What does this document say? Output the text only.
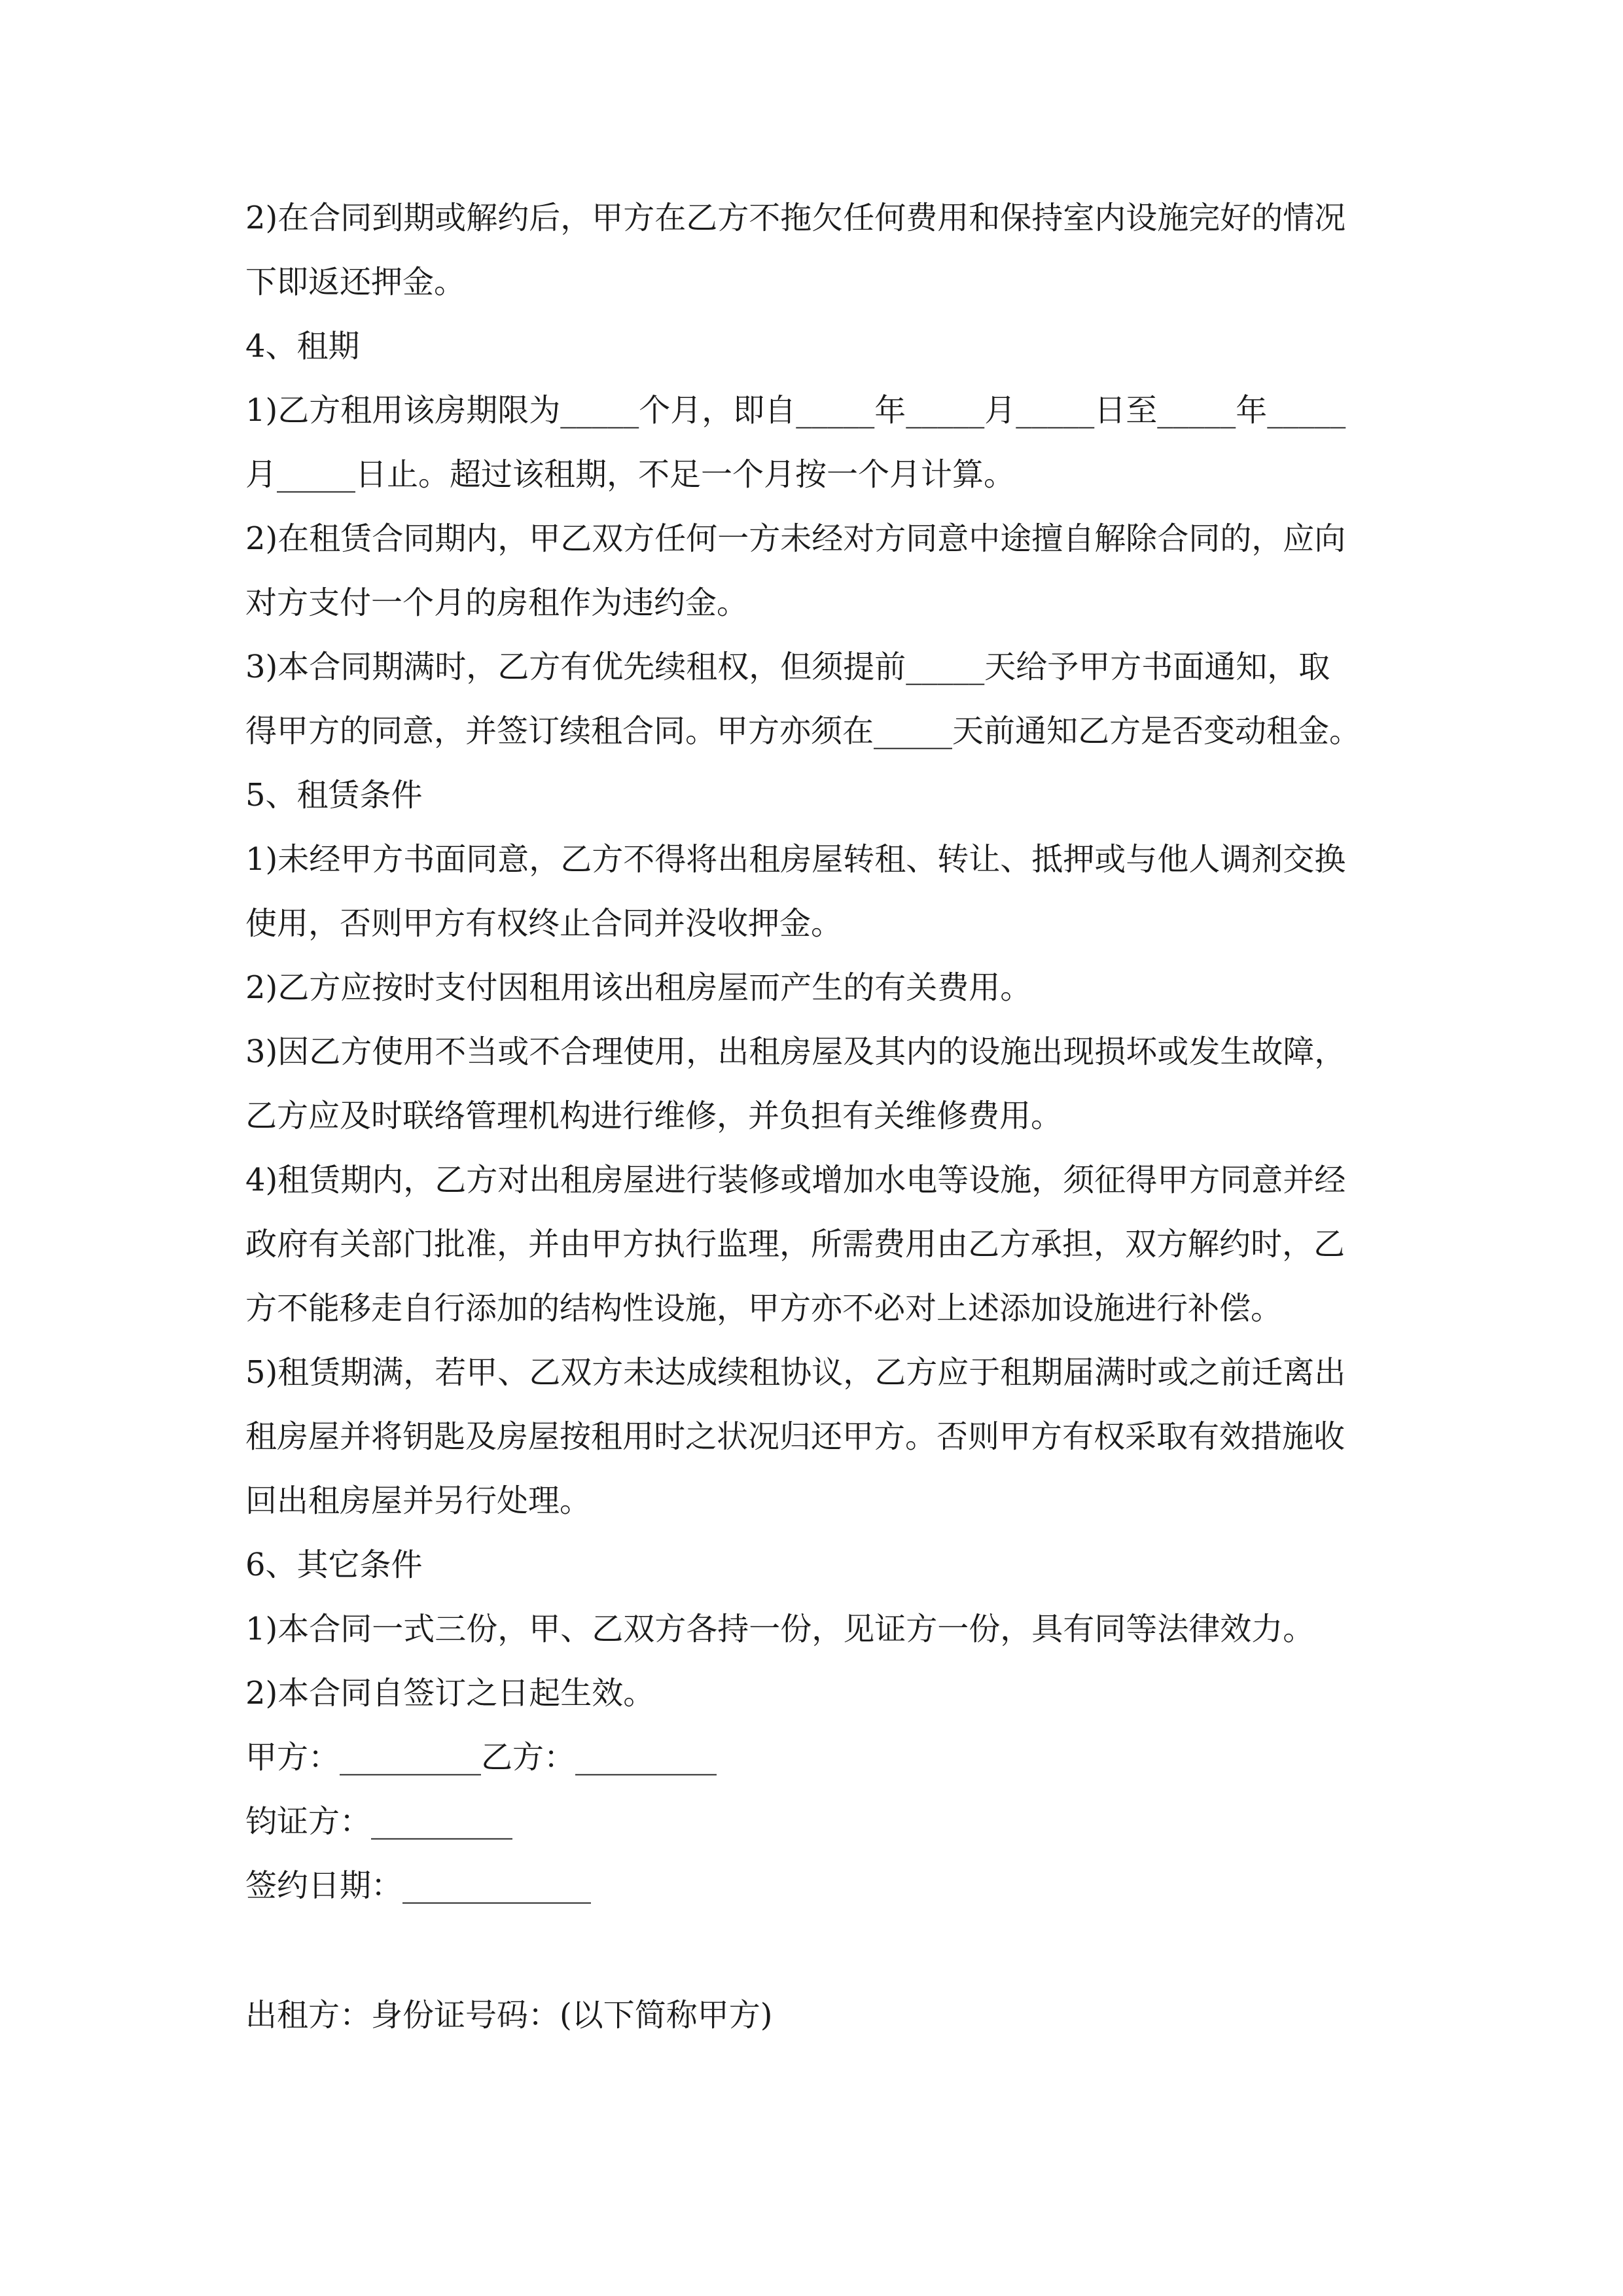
2)在合同到期或解约后，甲方在乙方不拖欠任何费用和保持室内设施完好的情况
下即返还押金。
4、租期
1)乙方租用该房期限为_____个月，即自_____年_____月_____日至_____年_____
月_____日止。超过该租期，不足一个月按一个月计算。
2)在租赁合同期内，甲乙双方任何一方未经对方同意中途擅自解除合同的，应向
对方支付一个月的房租作为违约金。
3)本合同期满时，乙方有优先续租权，但须提前_____天给予甲方书面通知，取
得甲方的同意，并签订续租合同。甲方亦须在_____天前通知乙方是否变动租金。
5、租赁条件
1)未经甲方书面同意，乙方不得将出租房屋转租、转让、抵押或与他人调剂交换
使用，否则甲方有权终止合同并没收押金。
2)乙方应按时支付因租用该出租房屋而产生的有关费用。
3)因乙方使用不当或不合理使用，出租房屋及其内的设施出现损坏或发生故障，
乙方应及时联络管理机构进行维修，并负担有关维修费用。
4)租赁期内，乙方对出租房屋进行装修或增加水电等设施，须征得甲方同意并经
政府有关部门批准，并由甲方执行监理，所需费用由乙方承担，双方解约时，乙
方不能移走自行添加的结构性设施，甲方亦不必对上述添加设施进行补偿。
5)租赁期满，若甲、乙双方未达成续租协议，乙方应于租期届满时或之前迁离出
租房屋并将钥匙及房屋按租用时之状况归还甲方。否则甲方有权采取有效措施收
回出租房屋并另行处理。
6、其它条件
1)本合同一式三份，甲、乙双方各持一份，见证方一份，具有同等法律效力。
2)本合同自签订之日起生效。
甲方：_________乙方：_________
钧证方：_________
签约日期：____________
出租方：身份证号码：(以下简称甲方)
